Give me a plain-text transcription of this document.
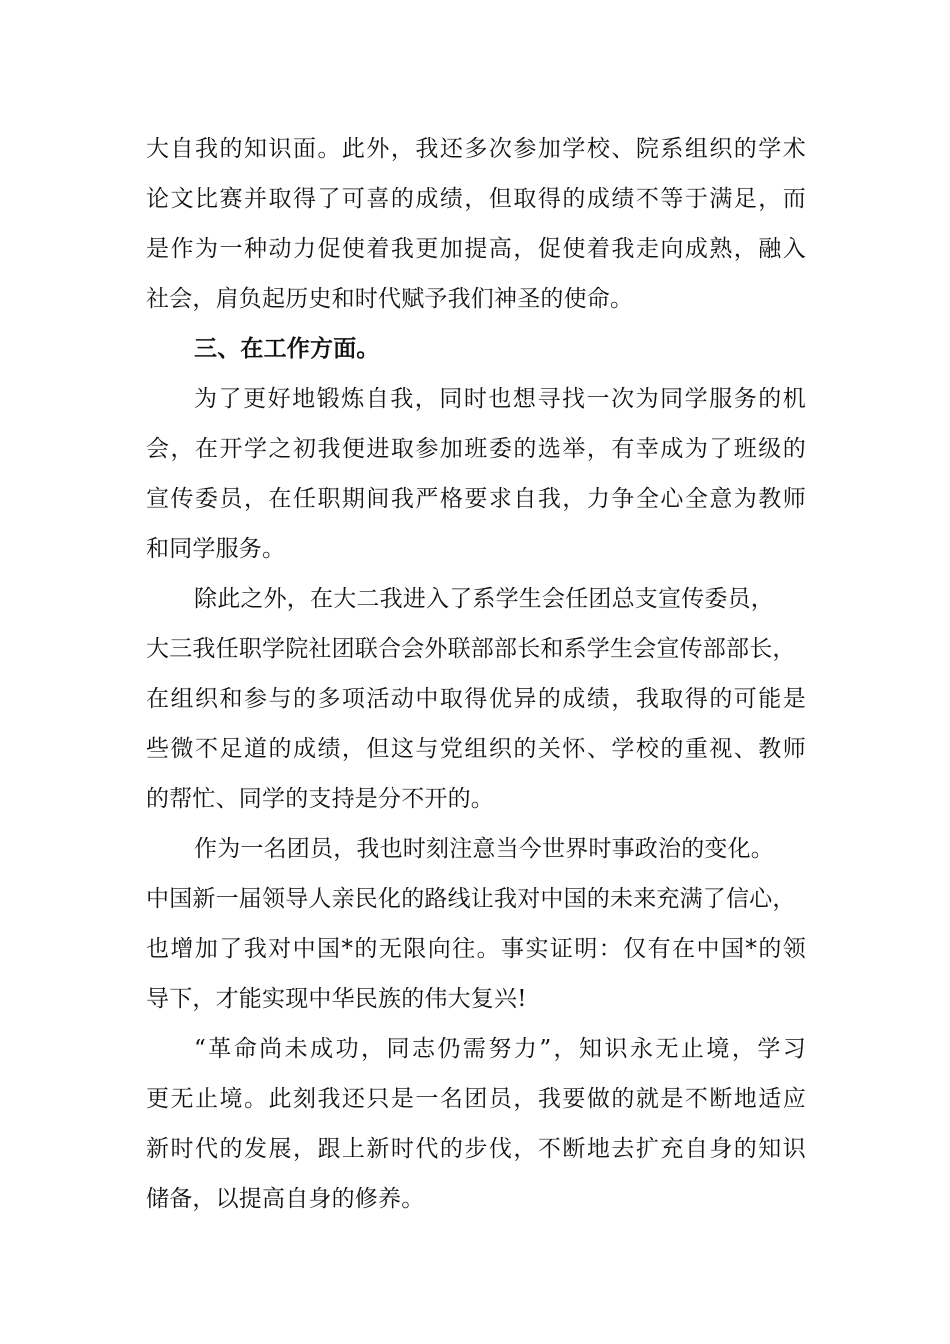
大自我的知识面。此外，我还多次参加学校、院系组织的学术
论文比赛并取得了可喜的成绩，但取得的成绩不等于满足，而
是作为一种动力促使着我更加提高，促使着我走向成熟，融入
社会，肩负起历史和时代赋予我们神圣的使命。
三、在工作方面。
为了更好地锻炼自我，同时也想寻找一次为同学服务的机
会，在开学之初我便进取参加班委的选举，有幸成为了班级的
宣传委员，在任职期间我严格要求自我，力争全心全意为教师
和同学服务。
除此之外，在大二我进入了系学生会任团总支宣传委员，
大三我任职学院社团联合会外联部部长和系学生会宣传部部长，
在组织和参与的多项活动中取得优异的成绩，我取得的可能是
些微不足道的成绩，但这与党组织的关怀、学校的重视、教师
的帮忙、同学的支持是分不开的。
作为一名团员，我也时刻注意当今世界时事政治的变化。
中国新一届领导人亲民化的路线让我对中国的未来充满了信心，
也增加了我对中国*的无限向往。事实证明：仅有在中国*的领
导下，才能实现中华民族的伟大复兴!
“革命尚未成功，同志仍需努力”，知识永无止境，学习
更无止境。此刻我还只是一名团员，我要做的就是不断地适应
新时代的发展，跟上新时代的步伐，不断地去扩充自身的知识
储备，以提高自身的修养。
